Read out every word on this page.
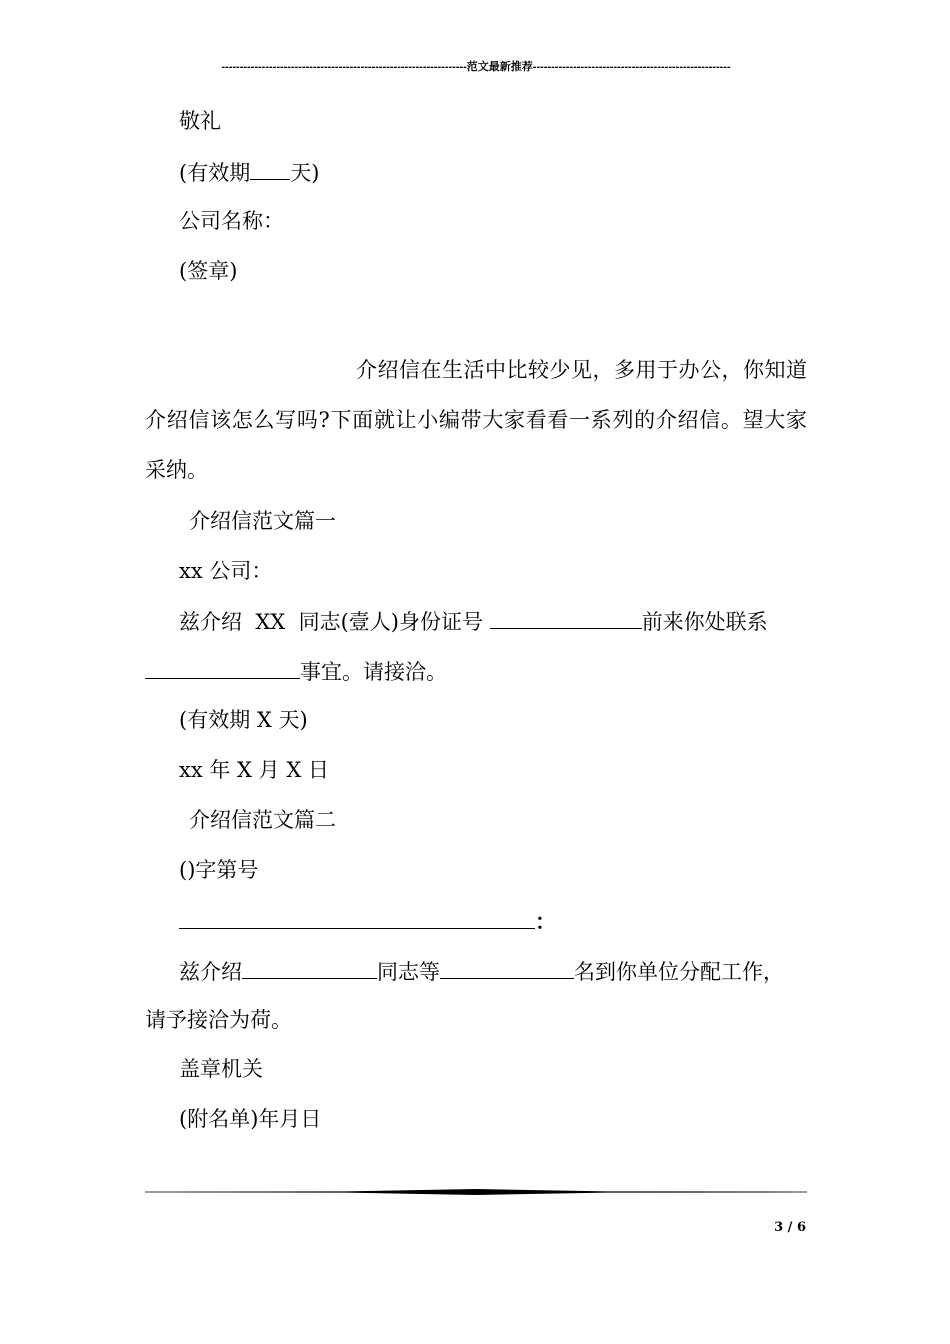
-------------------------------------------------------------------范文最新推荐------------------------------------------------------
敬礼
(有效期 天)
公司名称：
(签章)
介绍信在生活中比较少见，多用于办公，你知道介绍信该怎么写吗?下面就让小编带大家看看一系列的介绍信。望大家采纳。
介绍信范文篇一
xx 公司：
兹介绍  XX  同志(壹人)身份证号	前来你处联系
事宜。请接洽。
(有效期 X 天)
xx 年 X 月 X 日
介绍信范文篇二
()字第号
：
兹介绍	同志等	名到你单位分配工作，
请予接洽为荷。
盖章机关
(附名单)年月日
3 / 6
